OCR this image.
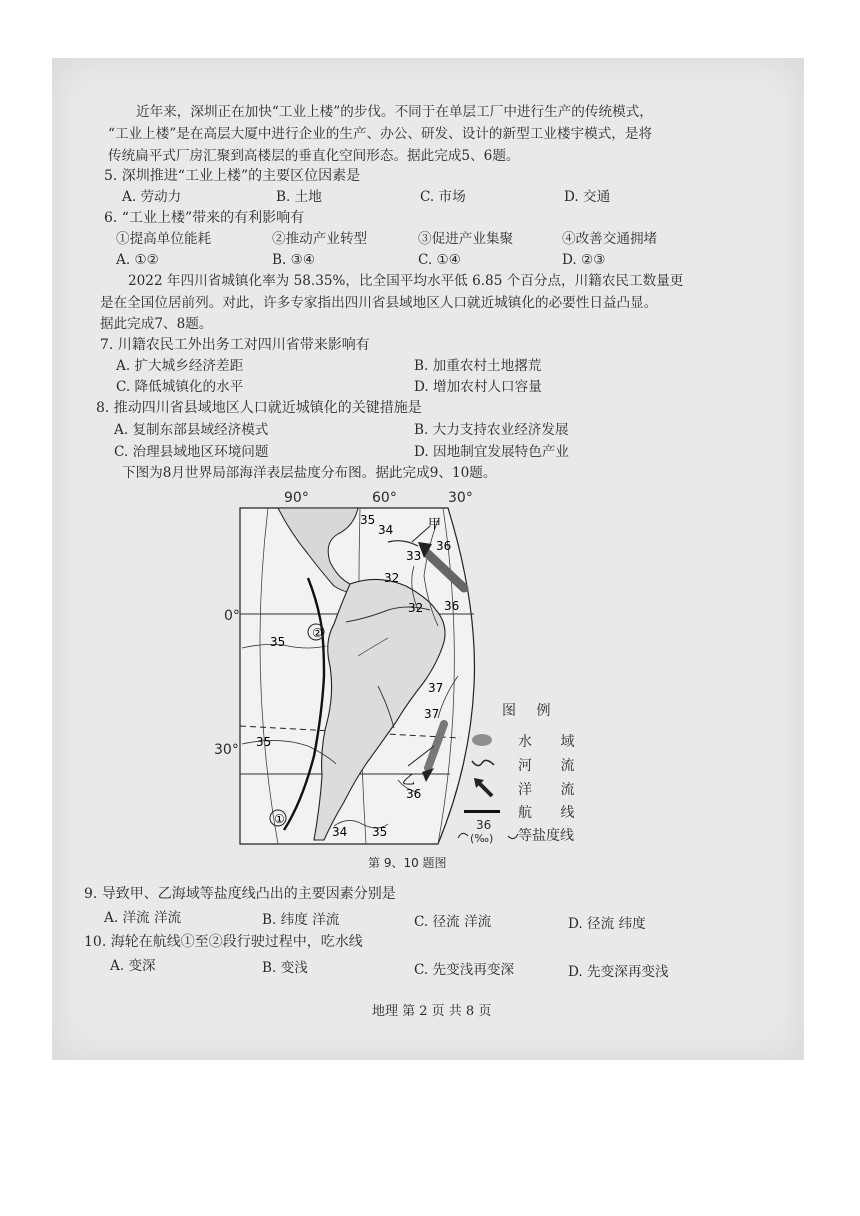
近年来，深圳正在加快“工业上楼”的步伐。不同于在单层工厂中进行生产的传统模式，
“工业上楼”是在高层大厦中进行企业的生产、办公、研发、设计的新型工业楼宇模式，是将
传统扁平式厂房汇聚到高楼层的垂直化空间形态。据此完成5、6题。
5. 深圳推进“工业上楼”的主要区位因素是
A. 劳动力	B. 土地	C. 市场	D. 交通
6. “工业上楼”带来的有利影响有
①提高单位能耗	②推动产业转型	③促进产业集聚	④改善交通拥堵
A. ①②	B. ③④	C. ①④	D. ②③
2022 年四川省城镇化率为 58.35%，比全国平均水平低 6.85 个百分点，川籍农民工数量更
是在全国位居前列。对此，许多专家指出四川省县域地区人口就近城镇化的必要性日益凸显。
据此完成7、8题。
7. 川籍农民工外出务工对四川省带来影响有
A. 扩大城乡经济差距	B. 加重农村土地撂荒
C. 降低城镇化的水平	D. 增加农村人口容量
8. 推动四川省县域地区人口就近城镇化的关键措施是
A. 复制东部县域经济模式	B. 大力支持农业经济发展
C. 治理县域地区环境问题	D. 因地制宜发展特色产业
下图为8月世界局部海洋表层盐度分布图。据此完成9、10题。
90°	60°	30°
0°
30°
图 例
水 域
河 流
洋 流
航 线
36
(‰) 等盐度线
第 9、10 题图
9. 导致甲、乙海域等盐度线凸出的主要因素分别是
A. 洋流 洋流	B. 纬度 洋流	C. 径流 洋流	D. 径流 纬度
10. 海轮在航线①至②段行驶过程中，吃水线
A. 变深	B. 变浅	C. 先变浅再变深	D. 先变深再变浅
地理 第 2 页 共 8 页
①
②
甲
乙
35
34
33
36
32
32 36
35
37
37
35
36
34 35
